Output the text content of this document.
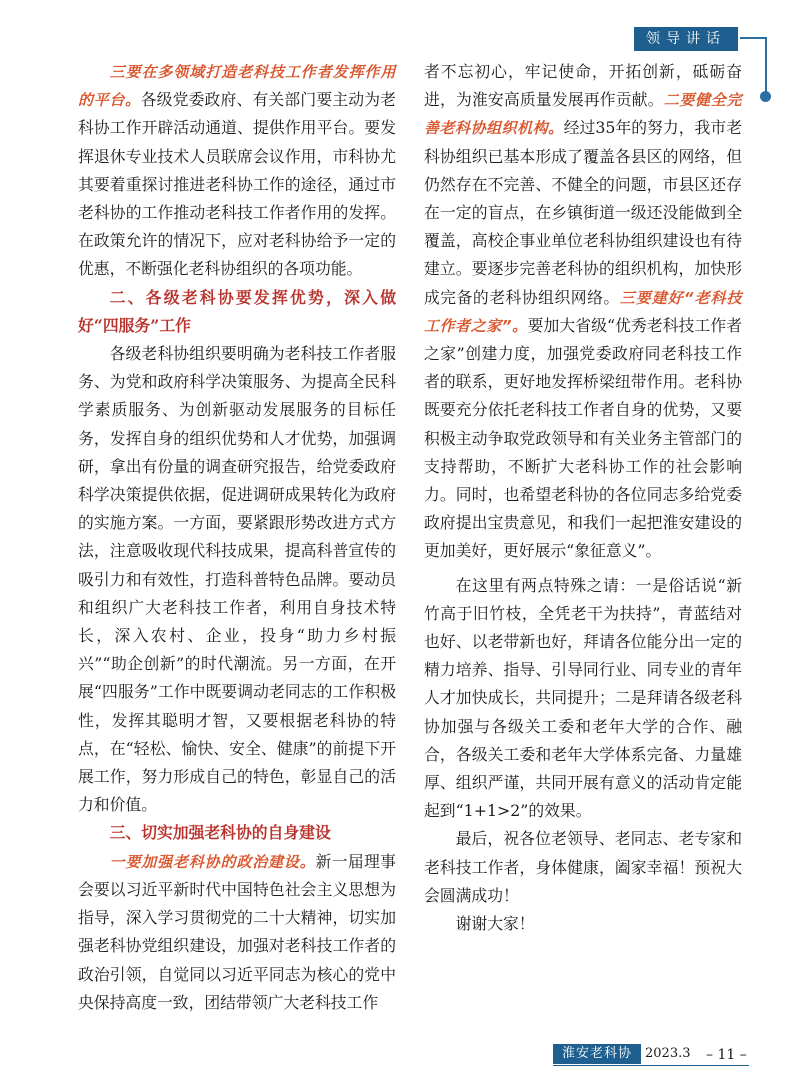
领导讲话

三要在多领域打造老科技工作者发挥作用的平台。各级党委政府、有关部门要主动为老科协工作开辟活动通道、提供作用平台。要发挥退休专业技术人员联席会议作用，市科协尤其要着重探讨推进老科协工作的途径，通过市老科协的工作推动老科技工作者作用的发挥。在政策允许的情况下，应对老科协给予一定的优惠，不断强化老科协组织的各项功能。

二、各级老科协要发挥优势，深入做好“四服务”工作

各级老科协组织要明确为老科技工作者服务、为党和政府科学决策服务、为提高全民科学素质服务、为创新驱动发展服务的目标任务，发挥自身的组织优势和人才优势，加强调研，拿出有份量的调查研究报告，给党委政府科学决策提供依据，促进调研成果转化为政府的实施方案。一方面，要紧跟形势改进方式方法，注意吸收现代科技成果，提高科普宣传的吸引力和有效性，打造科普特色品牌。要动员和组织广大老科技工作者，利用自身技术特长，深入农村、企业，投身“助力乡村振兴”“助企创新”的时代潮流。另一方面，在开展“四服务”工作中既要调动老同志的工作积极性，发挥其聪明才智，又要根据老科协的特点，在“轻松、愉快、安全、健康”的前提下开展工作，努力形成自己的特色，彰显自己的活力和价值。

三、切实加强老科协的自身建设

一要加强老科协的政治建设。新一届理事会要以习近平新时代中国特色社会主义思想为指导，深入学习贯彻党的二十大精神，切实加强老科协党组织建设，加强对老科技工作者的政治引领，自觉同以习近平同志为核心的党中央保持高度一致，团结带领广大老科技工作

者不忘初心，牢记使命，开拓创新，砥砺奋进，为淮安高质量发展再作贡献。二要健全完善老科协组织机构。经过35年的努力，我市老科协组织已基本形成了覆盖各县区的网络，但仍然存在不完善、不健全的问题，市县区还存在一定的盲点，在乡镇街道一级还没能做到全覆盖，高校企事业单位老科协组织建设也有待建立。要逐步完善老科协的组织机构，加快形成完备的老科协组织网络。三要建好“老科技工作者之家”。要加大省级“优秀老科技工作者之家”创建力度，加强党委政府同老科技工作者的联系，更好地发挥桥梁纽带作用。老科协既要充分依托老科技工作者自身的优势，又要积极主动争取党政领导和有关业务主管部门的支持帮助，不断扩大老科协工作的社会影响力。同时，也希望老科协的各位同志多给党委政府提出宝贵意见，和我们一起把淮安建设的更加美好，更好展示“象征意义”。

在这里有两点特殊之请：一是俗话说“新竹高于旧竹枝，全凭老干为扶持”，青蓝结对也好、以老带新也好，拜请各位能分出一定的精力培养、指导、引导同行业、同专业的青年人才加快成长，共同提升；二是拜请各级老科协加强与各级关工委和老年大学的合作、融合，各级关工委和老年大学体系完备、力量雄厚、组织严谨，共同开展有意义的活动肯定能起到“1+1>2”的效果。

最后，祝各位老领导、老同志、老专家和老科技工作者，身体健康，阖家幸福！预祝大会圆满成功！

谢谢大家！

淮安老科协	2023.3 – 11 –
